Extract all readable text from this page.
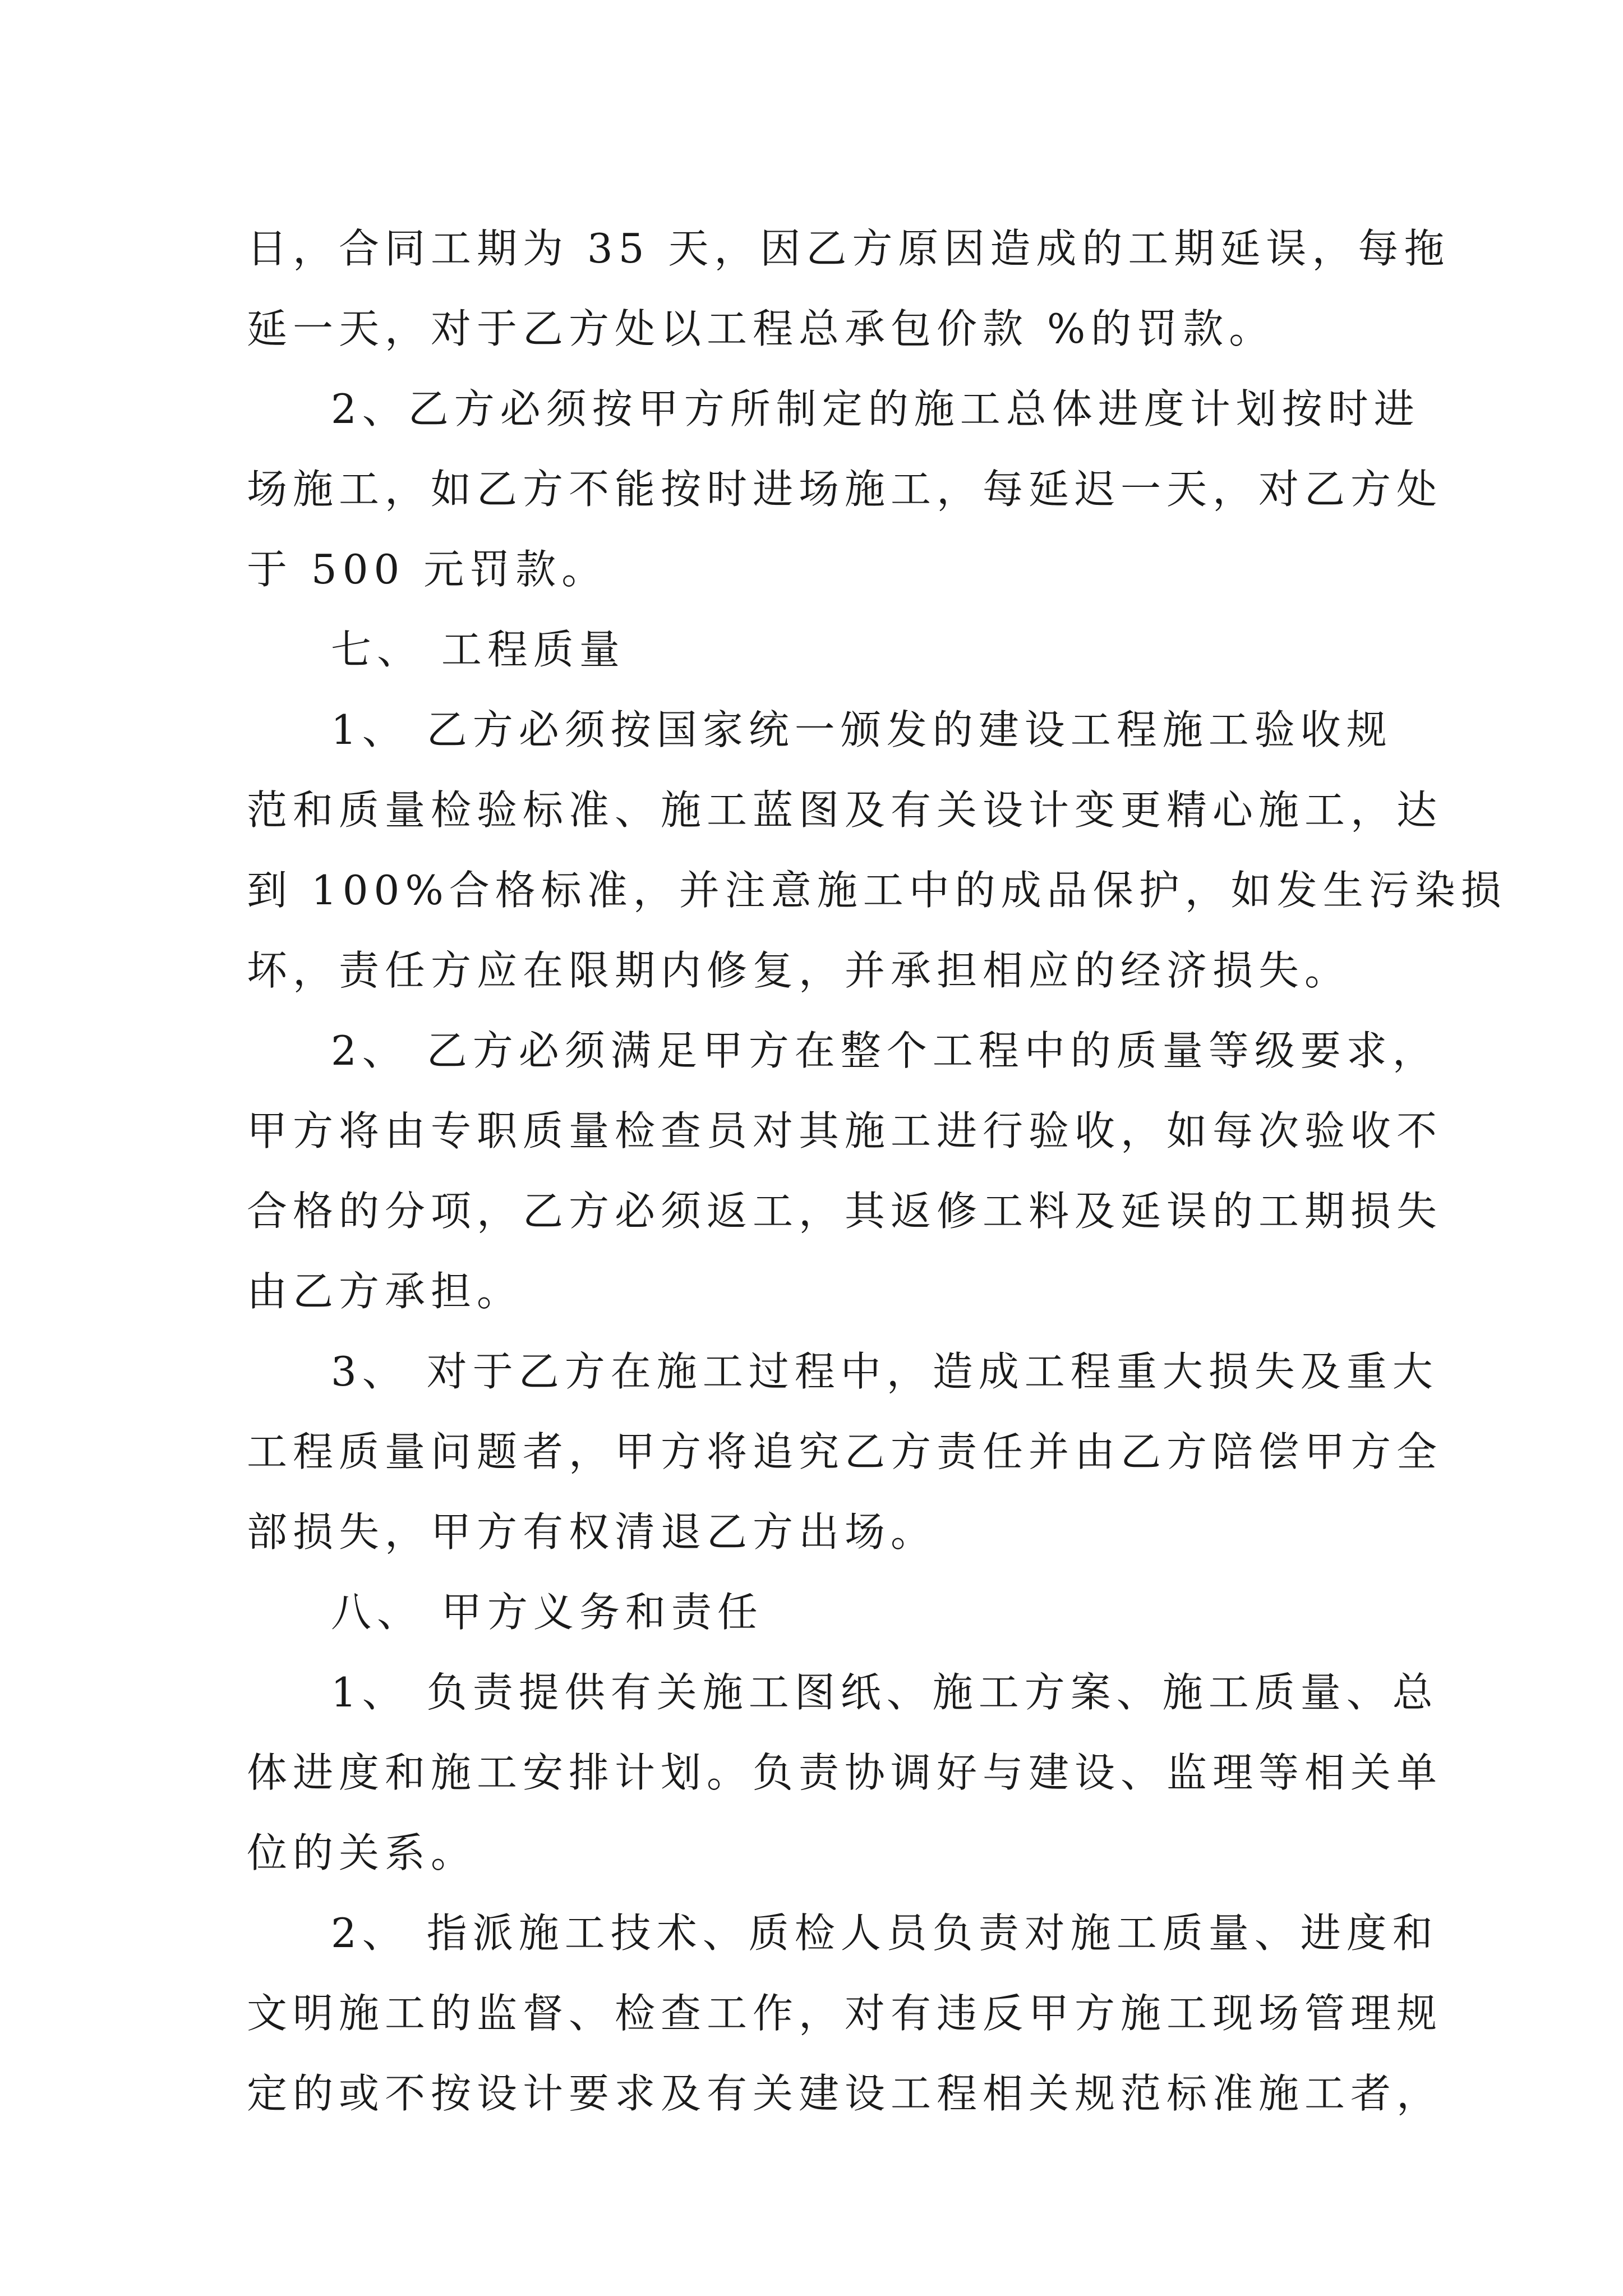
日，合同工期为 35 天，因乙方原因造成的工期延误，每拖
延一天，对于乙方处以工程总承包价款 %的罚款。
2、乙方必须按甲方所制定的施工总体进度计划按时进
场施工，如乙方不能按时进场施工，每延迟一天，对乙方处
于 500 元罚款。
七、 工程质量
1、 乙方必须按国家统一颁发的建设工程施工验收规
范和质量检验标准、施工蓝图及有关设计变更精心施工，达
到 100%合格标准，并注意施工中的成品保护，如发生污染损
坏，责任方应在限期内修复，并承担相应的经济损失。
2、 乙方必须满足甲方在整个工程中的质量等级要求，
甲方将由专职质量检查员对其施工进行验收，如每次验收不
合格的分项，乙方必须返工，其返修工料及延误的工期损失
由乙方承担。
3、 对于乙方在施工过程中，造成工程重大损失及重大
工程质量问题者，甲方将追究乙方责任并由乙方陪偿甲方全
部损失，甲方有权清退乙方出场。
八、 甲方义务和责任
1、 负责提供有关施工图纸、施工方案、施工质量、总
体进度和施工安排计划。负责协调好与建设、监理等相关单
位的关系。
2、 指派施工技术、质检人员负责对施工质量、进度和
文明施工的监督、检查工作，对有违反甲方施工现场管理规
定的或不按设计要求及有关建设工程相关规范标准施工者，
